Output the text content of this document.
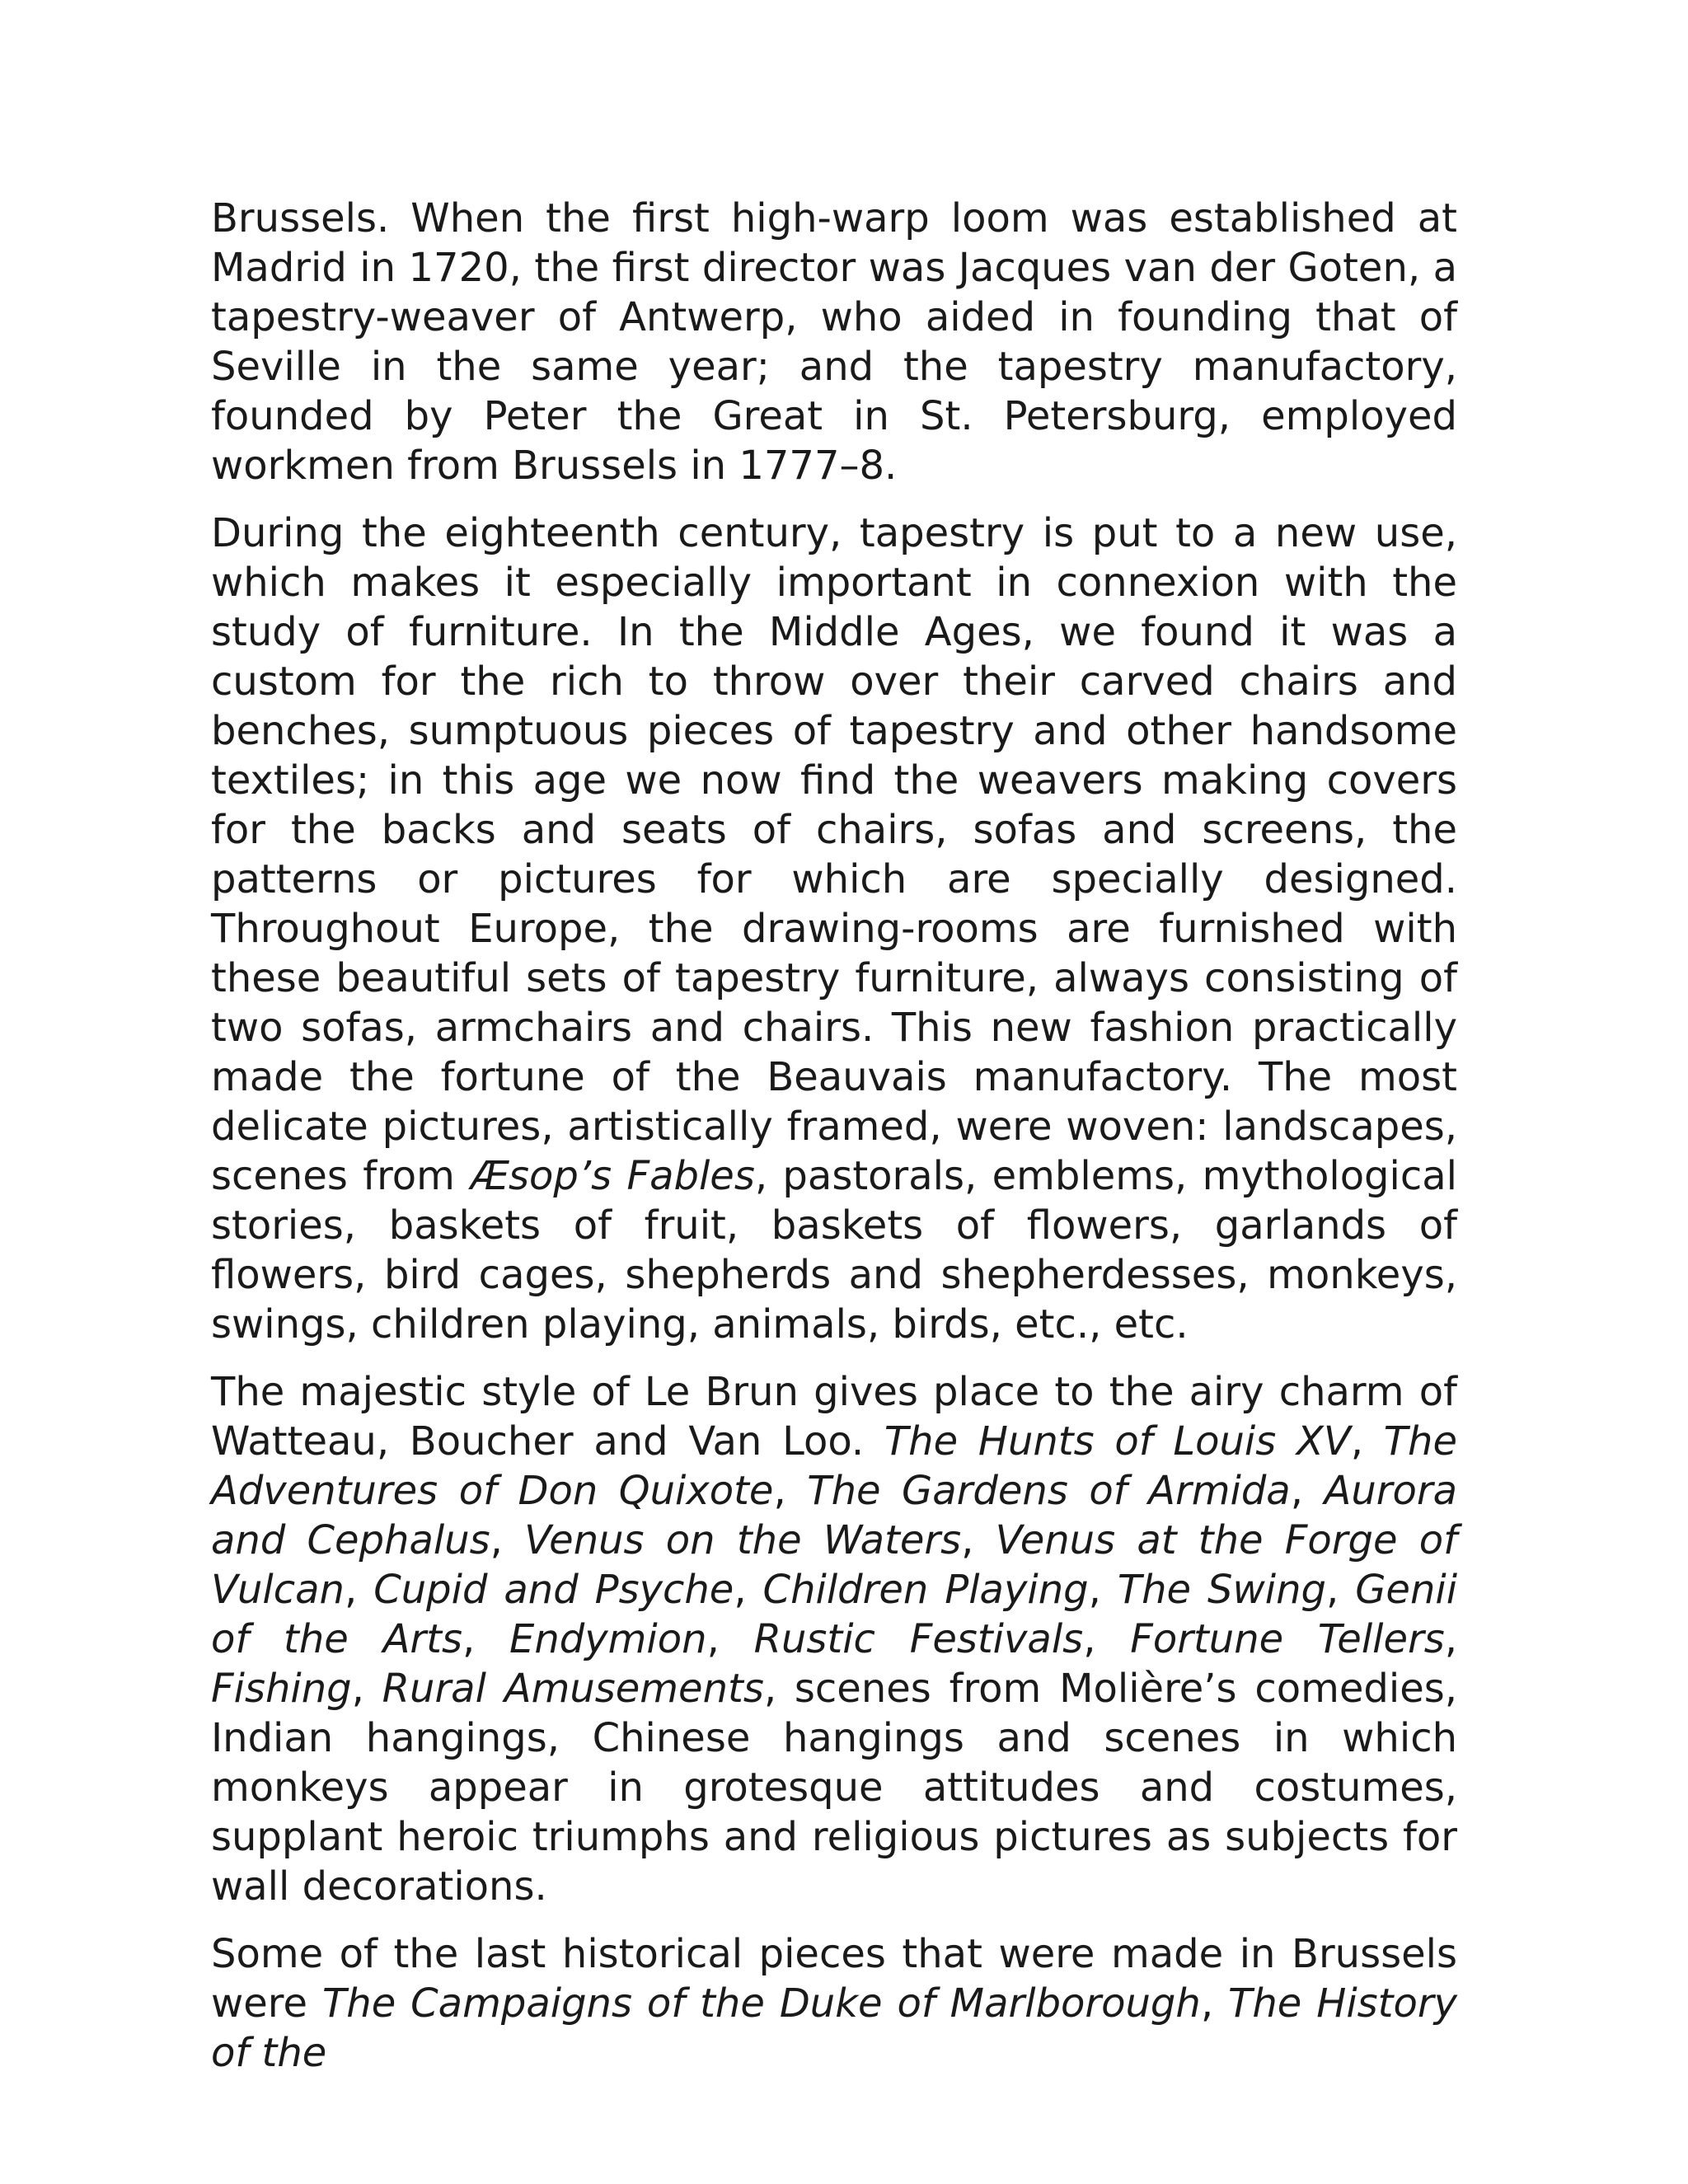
Brussels. When the first high-warp loom was established at Madrid in 1720, the first director was Jacques van der Goten, a tapestry-weaver of Antwerp, who aided in founding that of Seville in the same year; and the tapestry manufactory, founded by Peter the Great in St. Petersburg, employed workmen from Brussels in 1777–8.

During the eighteenth century, tapestry is put to a new use, which makes it especially important in connexion with the study of furniture. In the Middle Ages, we found it was a custom for the rich to throw over their carved chairs and benches, sumptuous pieces of tapestry and other handsome textiles; in this age we now find the weavers making covers for the backs and seats of chairs, sofas and screens, the patterns or pictures for which are specially designed. Throughout Europe, the drawing-rooms are furnished with these beautiful sets of tapestry furniture, always consisting of two sofas, armchairs and chairs. This new fashion practically made the fortune of the Beauvais manufactory. The most delicate pictures, artistically framed, were woven: landscapes, scenes from Æsop’s Fables, pastorals, emblems, mythological stories, baskets of fruit, baskets of flowers, garlands of flowers, bird cages, shepherds and shepherdesses, monkeys, swings, children playing, animals, birds, etc., etc.

The majestic style of Le Brun gives place to the airy charm of Watteau, Boucher and Van Loo. The Hunts of Louis XV, The Adventures of Don Quixote, The Gardens of Armida, Aurora and Cephalus, Venus on the Waters, Venus at the Forge of Vulcan, Cupid and Psyche, Children Playing, The Swing, Genii of the Arts, Endymion, Rustic Festivals, Fortune Tellers, Fishing, Rural Amusements, scenes from Molière’s comedies, Indian hangings, Chinese hangings and scenes in which monkeys appear in grotesque attitudes and costumes, supplant heroic triumphs and religious pictures as subjects for wall decorations.

Some of the last historical pieces that were made in Brussels were The Campaigns of the Duke of Marlborough, The History of the
